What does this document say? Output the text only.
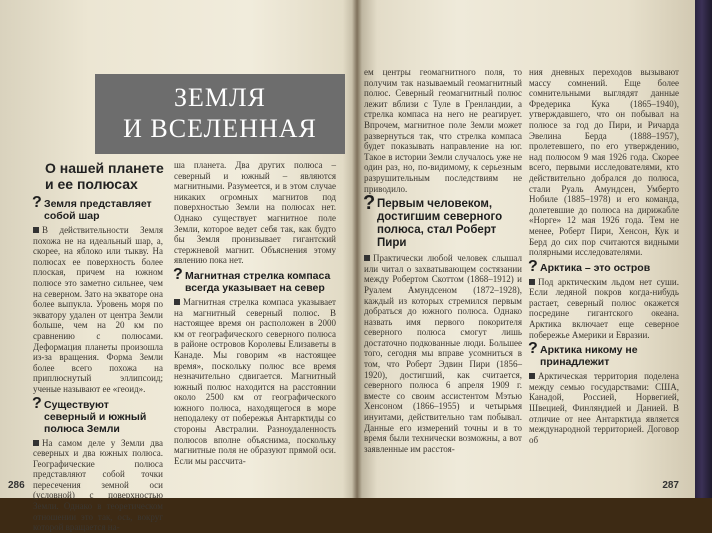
ЗЕМЛЯ
И ВСЕЛЕННАЯ
О нашей планете
и ее полюсах
? Земля представляет собой шар

В действительности Земля похожа не на идеальный шар, а, скорее, на яблоко или тыкву. На полюсах ее поверхность более плоская, причем на южном полюсе это заметно сильнее, чем на северном. Зато на экваторе она более выпукла. Уровень моря по экватору удален от центра Земли больше, чем на 20 км по сравнению с полюсами. Деформация планеты произошла из-за вращения. Форма Земли более всего похожа на приплюснутый эллипсоид; ученые называют ее «геоид».

? Существуют северный и южный полюса Земли

На самом деле у Земли два северных и два южных полюса. Географические полюса представляют собой точки пересечения земной оси (условной) с поверхностью Земли. Однако в теоретическом отношении это так, ось, вокруг которой вращается на-

ша планета. Два других полюса – северный и южный – являются магнитными. Разумеется, и в этом случае никаких огромных магнитов под поверхностью Земли на полюсах нет. Однако существует магнитное поле Земли, которое ведет себя так, как будто бы Земля пронизывает гигантский стержневой магнит. Объяснения этому явлению пока нет.

? Магнитная стрелка компаса всегда указывает на север

Магнитная стрелка компаса указывает на магнитный северный полюс. В настоящее время он расположен в 2000 км от географического северного полюса в районе островов Королевы Елизаветы в Канаде. Мы говорим «в настоящее время», поскольку полюс все время незначительно сдвигается. Магнитный южный полюс находится на расстоянии около 2500 км от географического южного полюса, находящегося в море неподалеку от побережья Антарктиды со стороны Австралии. Разноудаленность полюсов вполне объяснима, поскольку магнитные поля не образуют прямой оси. Если мы рассчита-

286

ем центры геомагнитного поля, то получим так называемый геомагнитный полюс. Северный геомагнитный полюс лежит вблизи с Туле в Гренландии, а стрелка компаса на него не реагирует. Впрочем, магнитное поле Земли может развернуться так, что стрелка компаса будет показывать направление на юг. Такое в истории Земли случалось уже не один раз, но, по-видимому, к серьезным разрушительным последствиям не приводило.

? Первым человеком, достигшим северного полюса, стал Роберт Пири

Практически любой человек слышал или читал о захватывающем состязании между Робертом Скоттом (1868–1912) и Руалем Амундсеном (1872–1928), каждый из которых стремился первым добраться до южного полюса. Однако назвать имя первого покорителя северного полюса смогут лишь достаточно подкованные люди. Большее того, сегодня мы вправе усомниться в том, что Роберт Эдвин Пири (1856–1920), достигший, как считается, северного полюса 6 апреля 1909 г. вместе со своим ассистентом Мэтью Хенсоном (1866–1955) и четырьмя инуитами, действительно там побывал. Данные его измерений точны и в то время были технически возможны, а вот заявленные им расстоя-

ния дневных переходов вызывают массу сомнений. Еще более сомнительными выглядят данные Фредерика Кука (1865–1940), утверждавшего, что он побывал на полюсе за год до Пири, и Ричарда Эвелина Берда (1888–1957), пролетевшего, по его утверждению, над полюсом 9 мая 1926 года. Скорее всего, первыми исследователями, кто действительно добрался до полюса, стали Руаль Амундсен, Умберто Нобиле (1885–1978) и его команда, долетевшие до полюса на дирижабле «Норге» 12 мая 1926 года. Тем не менее, Роберт Пири, Хенсон, Кук и Берд до сих пор считаются видными полярными исследователями.

? Арктика – это остров

Под арктическим льдом нет суши. Если ледяной покров когда-нибудь растает, северный полюс окажется посредине гигантского океана. Арктика включает еще северное побережье Америки и Евразии.

? Арктика никому не принадлежит

Арктическая территория поделена между семью государствами: США, Канадой, Россией, Норвегией, Швецией, Финляндией и Данией. В отличие от нее Антарктида является международной территорией. Договор об

287
